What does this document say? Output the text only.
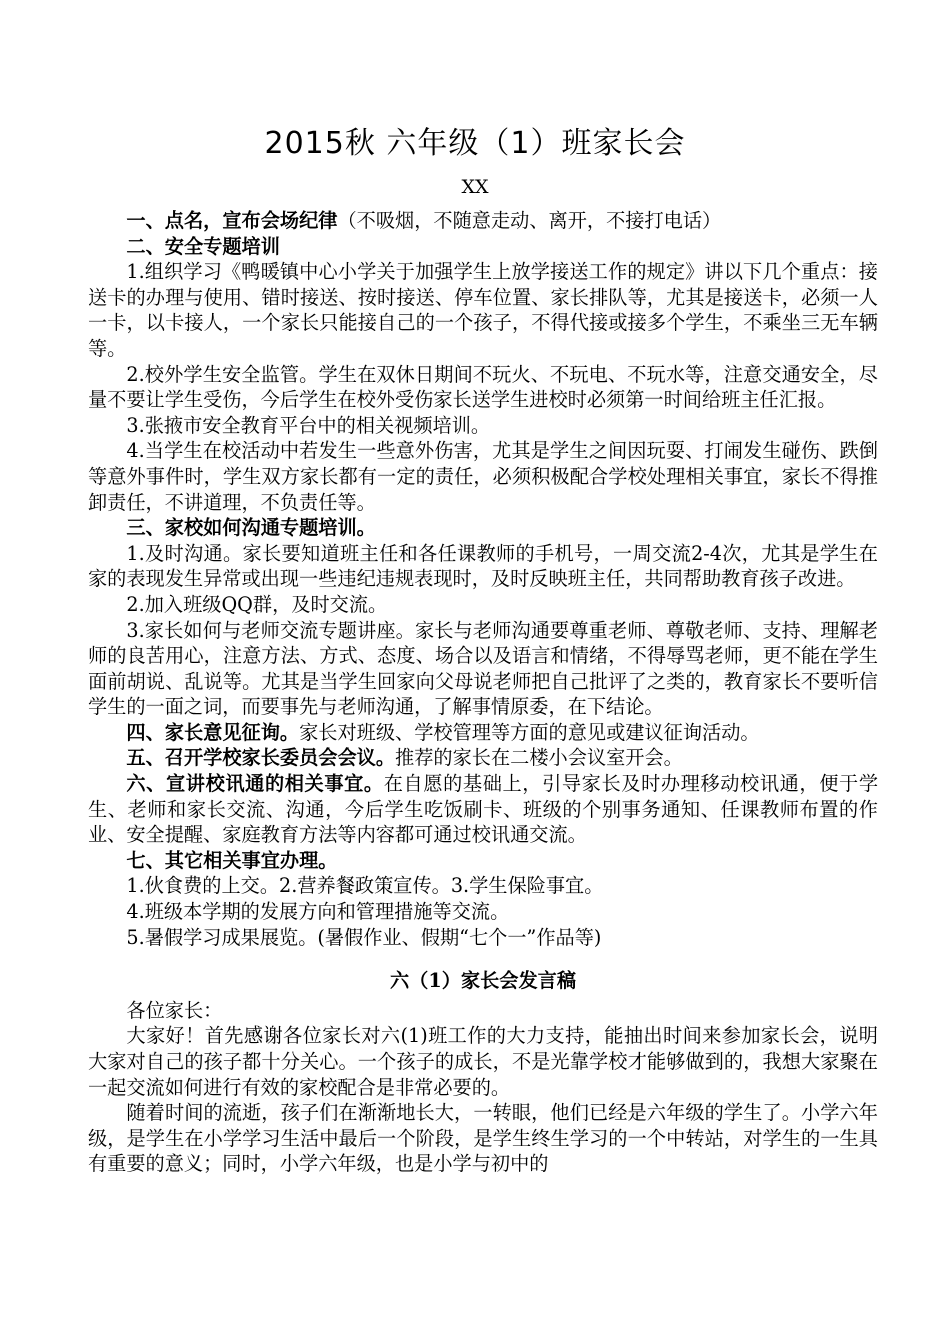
2015秋 六年级（1）班家长会
XX

一、点名，宣布会场纪律（不吸烟，不随意走动、离开，不接打电话）

二、安全专题培训

1.组织学习《鸭暖镇中心小学关于加强学生上放学接送工作的规定》讲以下几个重点：接送卡的办理与使用、错时接送、按时接送、停车位置、家长排队等，尤其是接送卡，必须一人一卡，以卡接人，一个家长只能接自己的一个孩子，不得代接或接多个学生，不乘坐三无车辆等。

2.校外学生安全监管。学生在双休日期间不玩火、不玩电、不玩水等，注意交通安全，尽量不要让学生受伤，今后学生在校外受伤家长送学生进校时必须第一时间给班主任汇报。

3.张掖市安全教育平台中的相关视频培训。

4.当学生在校活动中若发生一些意外伤害，尤其是学生之间因玩耍、打闹发生碰伤、跌倒等意外事件时，学生双方家长都有一定的责任，必须积极配合学校处理相关事宜，家长不得推卸责任，不讲道理，不负责任等。

三、家校如何沟通专题培训。

1.及时沟通。家长要知道班主任和各任课教师的手机号，一周交流2-4次，尤其是学生在家的表现发生异常或出现一些违纪违规表现时，及时反映班主任，共同帮助教育孩子改进。

2.加入班级QQ群，及时交流。

3.家长如何与老师交流专题讲座。家长与老师沟通要尊重老师、尊敬老师、支持、理解老师的良苦用心，注意方法、方式、态度、场合以及语言和情绪，不得辱骂老师，更不能在学生面前胡说、乱说等。尤其是当学生回家向父母说老师把自己批评了之类的，教育家长不要听信学生的一面之词，而要事先与老师沟通，了解事情原委，在下结论。

四、家长意见征询。家长对班级、学校管理等方面的意见或建议征询活动。

五、召开学校家长委员会会议。推荐的家长在二楼小会议室开会。

六、宣讲校讯通的相关事宜。在自愿的基础上，引导家长及时办理移动校讯通，便于学生、老师和家长交流、沟通，今后学生吃饭刷卡、班级的个别事务通知、任课教师布置的作业、安全提醒、家庭教育方法等内容都可通过校讯通交流。

七、其它相关事宜办理。

1.伙食费的上交。2.营养餐政策宣传。3.学生保险事宜。

4.班级本学期的发展方向和管理措施等交流。

5.暑假学习成果展览。(暑假作业、假期“七个一”作品等)

六（1）家长会发言稿

各位家长：

大家好！首先感谢各位家长对六(1)班工作的大力支持，能抽出时间来参加家长会，说明大家对自己的孩子都十分关心。一个孩子的成长，不是光靠学校才能够做到的，我想大家聚在一起交流如何进行有效的家校配合是非常必要的。

随着时间的流逝，孩子们在渐渐地长大，一转眼，他们已经是六年级的学生了。小学六年级，是学生在小学学习生活中最后一个阶段，是学生终生学习的一个中转站，对学生的一生具有重要的意义；同时，小学六年级，也是小学与初中的
